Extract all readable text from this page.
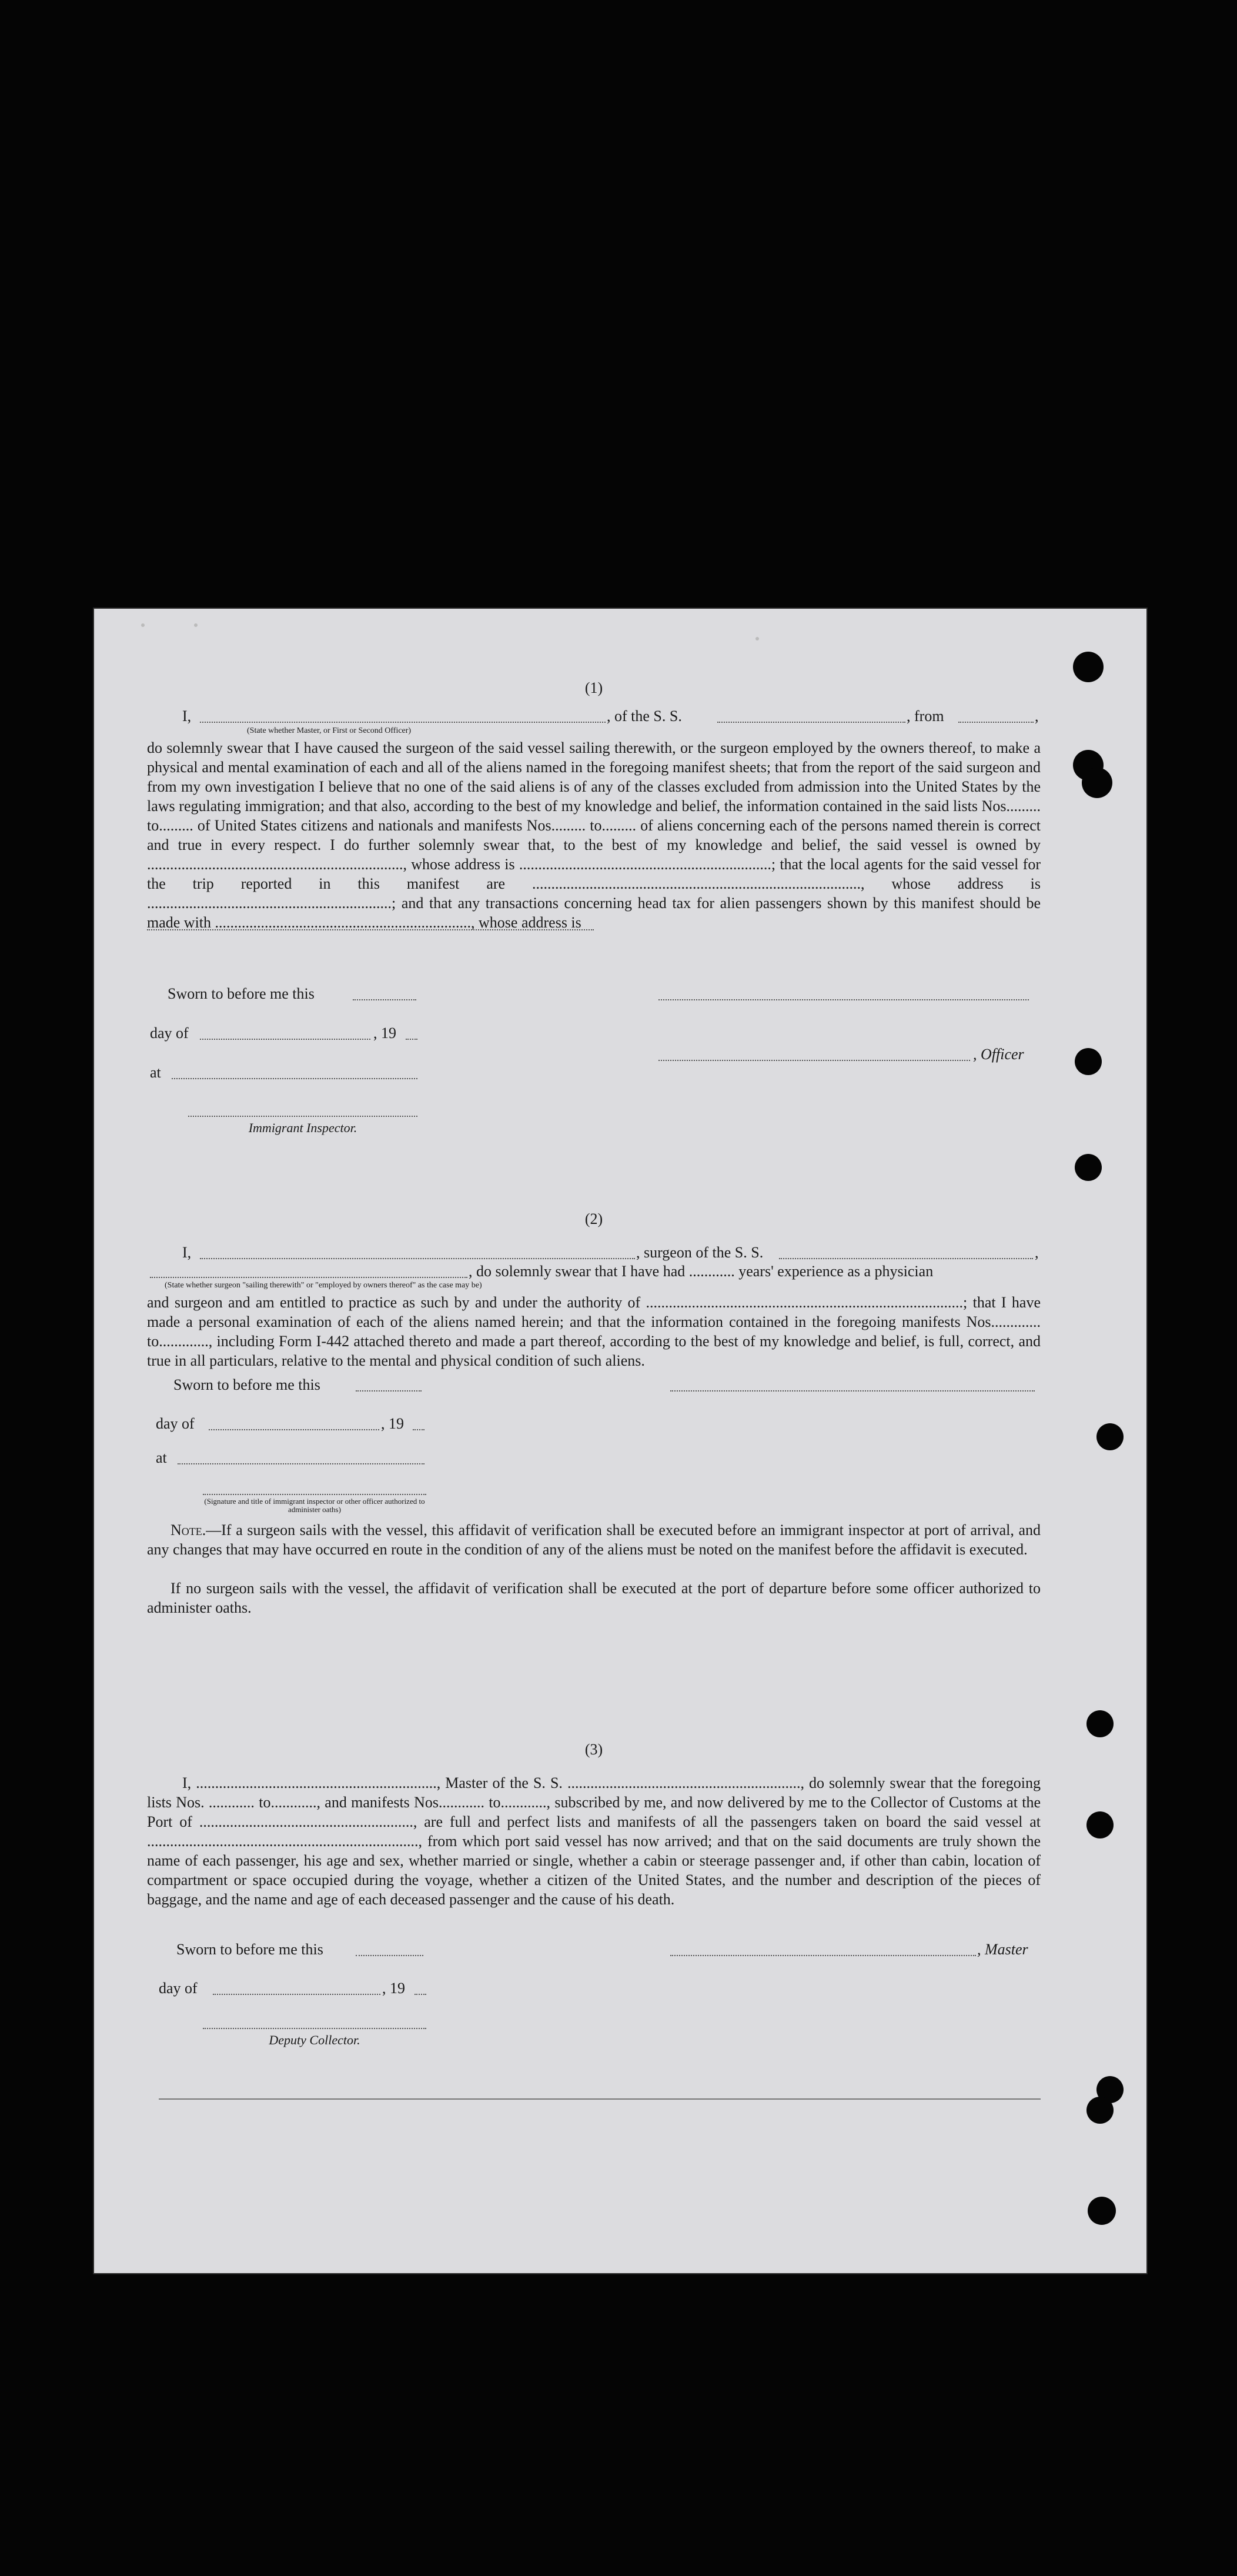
(1)
I,	, of the S. S.	, from	,
(State whether Master, or First or Second Officer)

do solemnly swear that I have caused the surgeon of the said vessel sailing therewith, or the surgeon employed by the owners thereof, to make a physical and mental examination of each and all of the aliens named in the foregoing manifest sheets; that from the report of the said surgeon and from my own investigation I believe that no one of the said aliens is of any of the classes excluded from admission into the United States by the laws regulating immigration; and that also, according to the best of my knowledge and belief, the information contained in the said lists Nos......... to......... of United States citizens and nationals and manifests Nos......... to......... of aliens concerning each of the persons named therein is correct and true in every respect. I do further solemnly swear that, to the best of my knowledge and belief, the said vessel is owned by ..................................................................., whose address is ..................................................................; that the local agents for the said vessel for the trip reported in this manifest are ......................................................................................, whose address is ................................................................; and that any transactions concerning head tax for alien passengers shown by this manifest should be made with ..................................................................., whose address is

Sworn to before me this
day of	, 19
, Officer
at
Immigrant Inspector.
(2)
I,	, surgeon of the S. S.	,
, do solemnly swear that I have had ............ years' experience as a physician
(State whether surgeon "sailing therewith" or "employed by owners thereof" as the case may be)

and surgeon and am entitled to practice as such by and under the authority of ...................................................................................; that I have made a personal examination of each of the aliens named herein; and that the information contained in the foregoing manifests Nos............. to............., including Form I-442 attached thereto and made a part thereof, according to the best of my knowledge and belief, is full, correct, and true in all particulars, relative to the mental and physical condition of such aliens.

Sworn to before me this
day of	, 19
at
(Signature and title of immigrant inspector or other officer authorized to administer oaths)

Note.—If a surgeon sails with the vessel, this affidavit of verification shall be executed before an immigrant inspector at port of arrival, and any changes that may have occurred en route in the condition of any of the aliens must be noted on the manifest before the affidavit is executed.

If no surgeon sails with the vessel, the affidavit of verification shall be executed at the port of departure before some officer authorized to administer oaths.

(3)

I, ..............................................................., Master of the S. S. ............................................................., do solemnly swear that the foregoing lists Nos. ............ to............, and manifests Nos............ to............, subscribed by me, and now delivered by me to the Collector of Customs at the Port of ........................................................, are full and perfect lists and manifests of all the passengers taken on board the said vessel at ......................................................................., from which port said vessel has now arrived; and that on the said documents are truly shown the name of each passenger, his age and sex, whether married or single, whether a cabin or steerage passenger and, if other than cabin, location of compartment or space occupied during the voyage, whether a citizen of the United States, and the number and description of the pieces of baggage, and the name and age of each deceased passenger and the cause of his death.

Sworn to before me this	, Master
day of	, 19
Deputy Collector.
